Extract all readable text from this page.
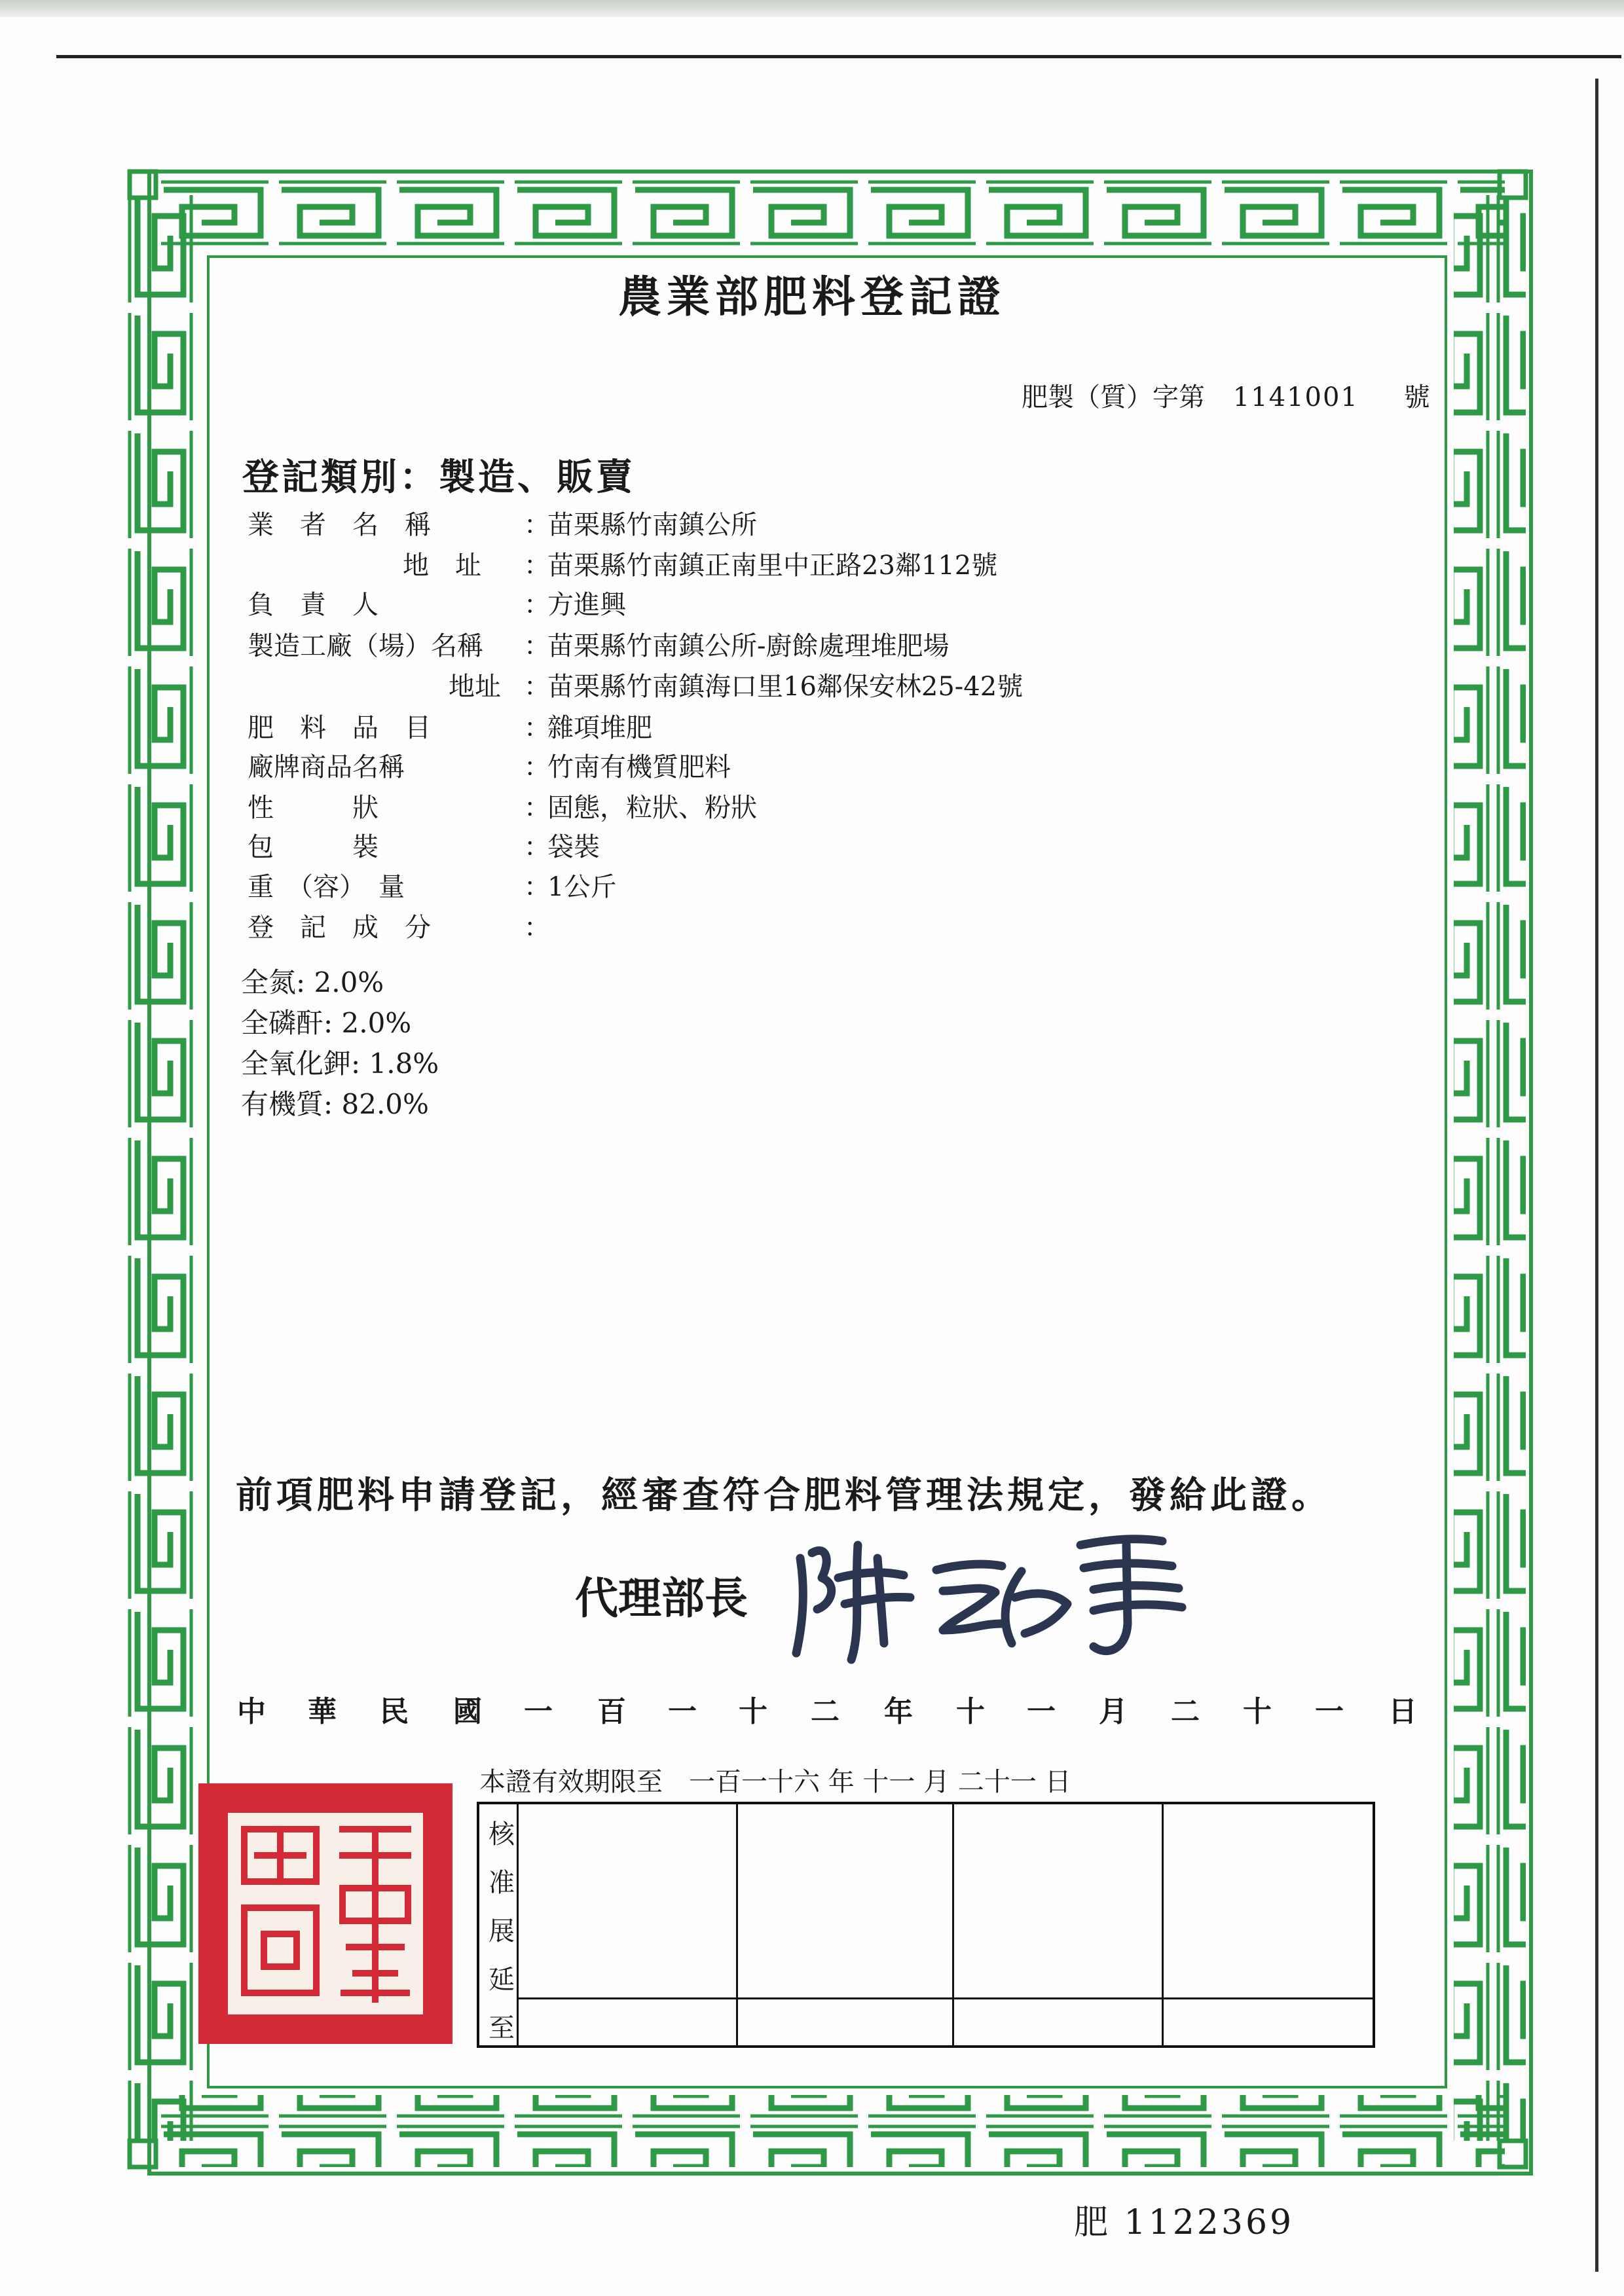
農業部肥料登記證
肥製（質）字第 1141001 號
登記類別：製造、販賣
業　者　名　稱	：
苗栗縣竹南鎮公所
地　址 ：
苗栗縣竹南鎮正南里中正路23鄰112號
負　責　人	：
方進興
製造工廠（場）名稱 ：
苗栗縣竹南鎮公所-廚餘處理堆肥場
地址 ：
苗栗縣竹南鎮海口里16鄰保安林25-42號
肥　料　品　目	：
雜項堆肥
廠牌商品名稱	：
竹南有機質肥料
性　　　狀	：
固態，粒狀、粉狀
包　　　裝	：
袋裝
重　（容）　量	：
1公斤
登　記　成　分	：
全氮: 2.0%
全磷酐: 2.0%
全氧化鉀: 1.8%
有機質: 82.0%
前項肥料申請登記，經審查符合肥料管理法規定，發給此證。
代理部長
中 華 民 國 一 百 一 十 二 年 十 一 月 二 十 一 日
本證有效期限至　一百一十六 年 十一 月 二十一 日
核
准
展
延
至
肥 1122369
